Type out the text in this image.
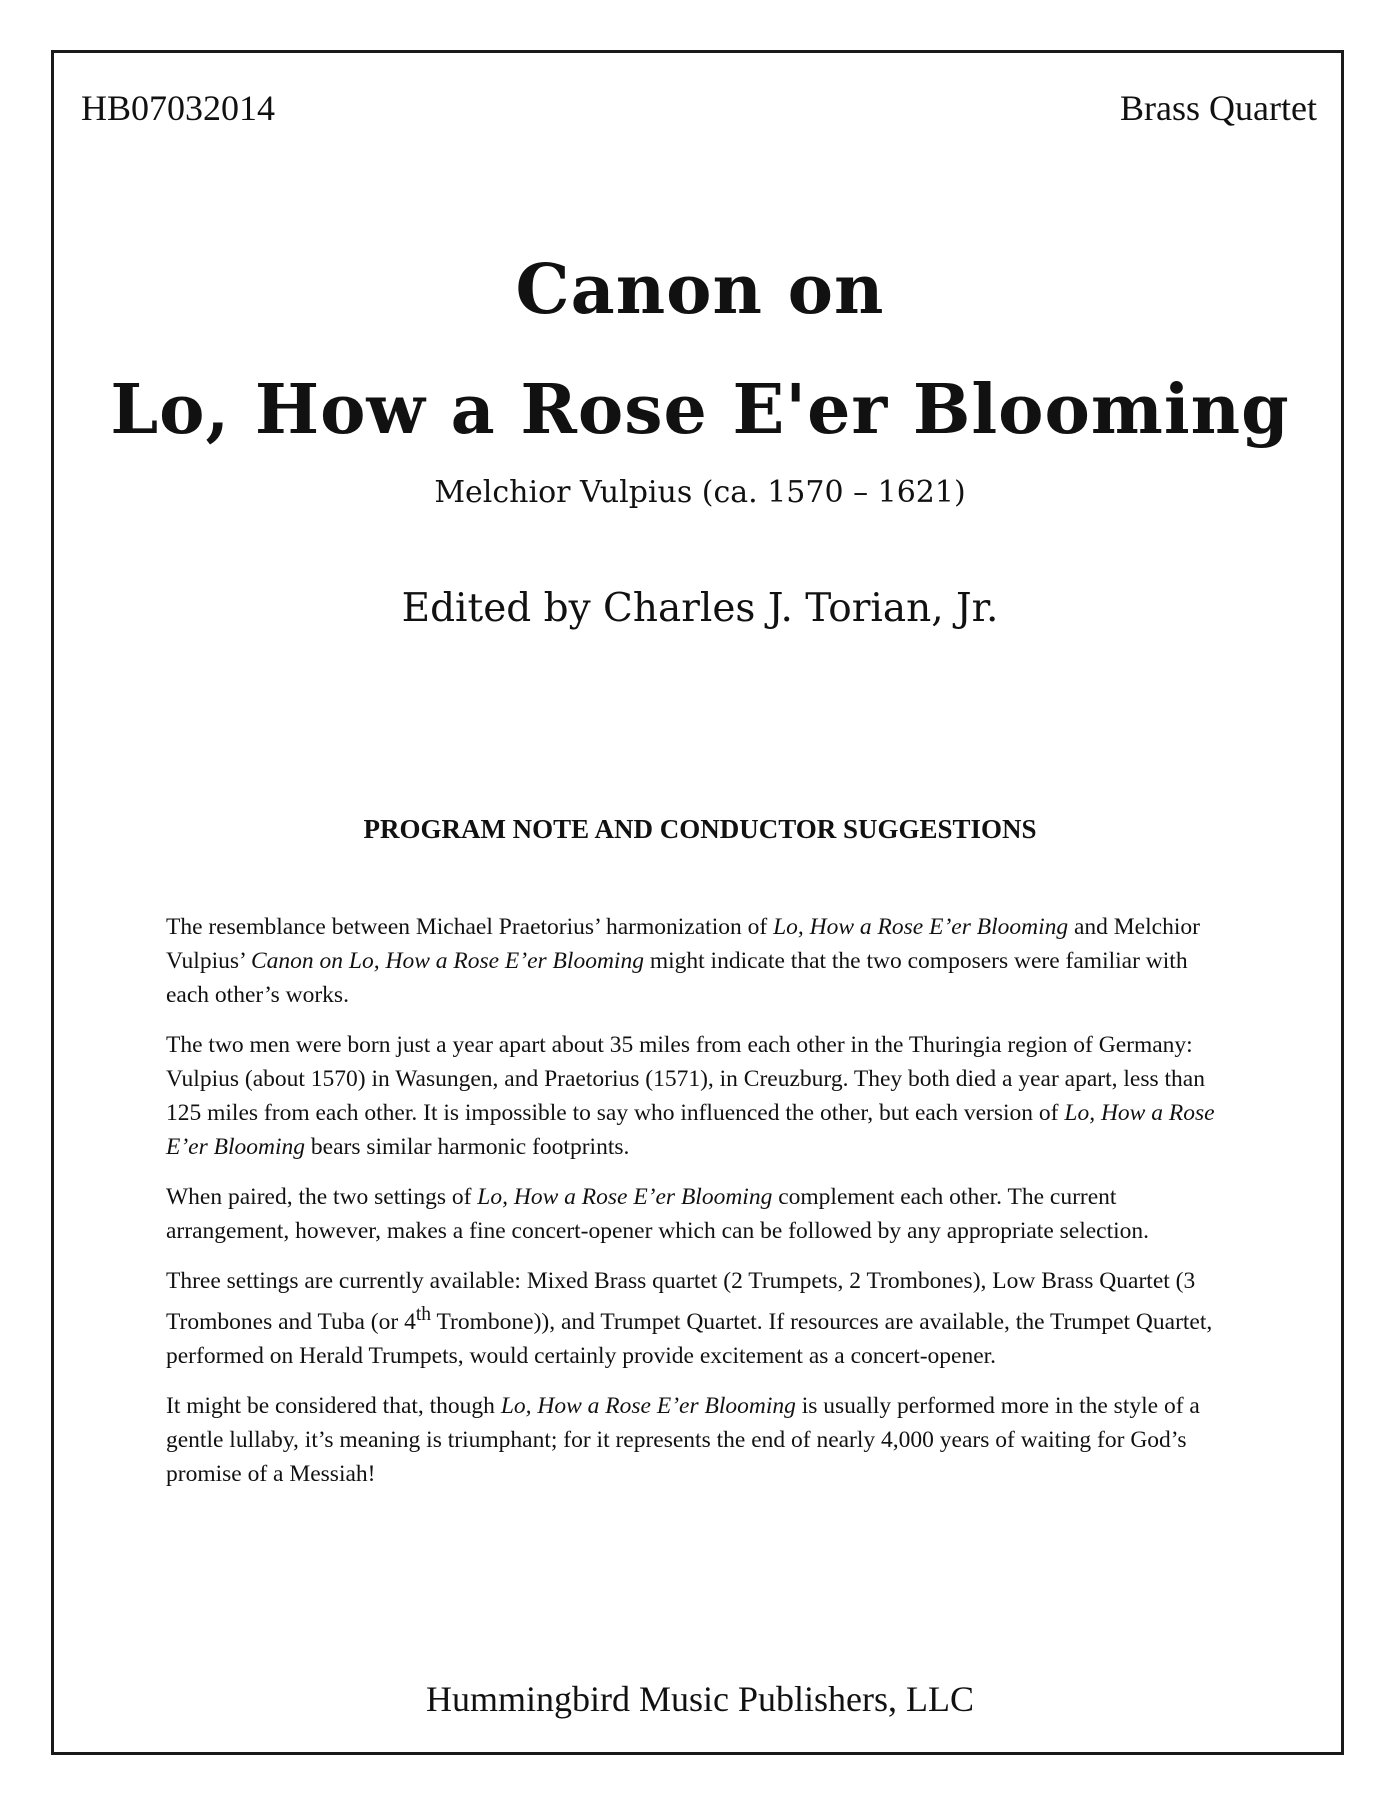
HB07032014	Brass Quartet
Canon on
Lo, How a Rose E'er Blooming
Melchior Vulpius (ca. 1570 – 1621)
Edited by Charles J. Torian, Jr.
PROGRAM NOTE AND CONDUCTOR SUGGESTIONS

The resemblance between Michael Praetorius’ harmonization of Lo, How a Rose E’er Blooming and Melchior Vulpius’ Canon on Lo, How a Rose E’er Blooming might indicate that the two composers were familiar with each other’s works.

The two men were born just a year apart about 35 miles from each other in the Thuringia region of Germany: Vulpius (about 1570) in Wasungen, and Praetorius (1571), in Creuzburg. They both died a year apart, less than 125 miles from each other. It is impossible to say who influenced the other, but each version of Lo, How a Rose E’er Blooming bears similar harmonic footprints.

When paired, the two settings of Lo, How a Rose E’er Blooming complement each other. The current arrangement, however, makes a fine concert-opener which can be followed by any appropriate selection.

Three settings are currently available: Mixed Brass quartet (2 Trumpets, 2 Trombones), Low Brass Quartet (3 Trombones and Tuba (or 4th Trombone)), and Trumpet Quartet. If resources are available, the Trumpet Quartet, performed on Herald Trumpets, would certainly provide excitement as a concert-opener.

It might be considered that, though Lo, How a Rose E’er Blooming is usually performed more in the style of a gentle lullaby, it’s meaning is triumphant; for it represents the end of nearly 4,000 years of waiting for God’s promise of a Messiah!

Hummingbird Music Publishers, LLC
